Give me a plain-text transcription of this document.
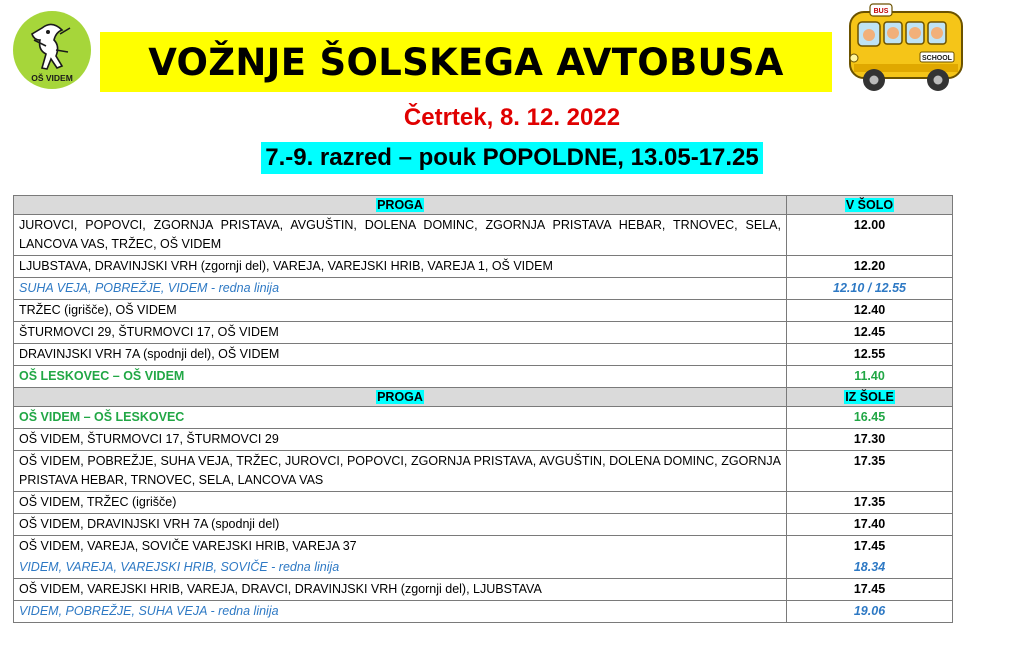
OŠ VIDEM VOŽNJE ŠOLSKEGA AVTOBUSA
BUS
SCHOOL
Četrtek, 8. 12. 2022
7.-9. razred – pouk POPOLDNE, 13.05-17.25
PROGA	V ŠOLO
JUROVCI, POPOVCI, ZGORNJA PRISTAVA, AVGUŠTIN, DOLENA DOMINC, ZGORNJA PRISTAVA HEBAR, TRNOVEC, SELA, LANCOVA VAS, TRŽEC, OŠ VIDEM	12.00
LJUBSTAVA, DRAVINJSKI VRH (zgornji del), VAREJA, VAREJSKI HRIB, VAREJA 1, OŠ VIDEM	12.20
SUHA VEJA, POBREŽJE, VIDEM - redna linija	12.10 / 12.55
TRŽEC (igrišče), OŠ VIDEM	12.40
ŠTURMOVCI 29, ŠTURMOVCI 17, OŠ VIDEM	12.45
DRAVINJSKI VRH 7A (spodnji del), OŠ VIDEM	12.55
OŠ LESKOVEC – OŠ VIDEM	11.40
PROGA	IZ ŠOLE
OŠ VIDEM – OŠ LESKOVEC	16.45
OŠ VIDEM, ŠTURMOVCI 17, ŠTURMOVCI 29	17.30
OŠ VIDEM, POBREŽJE, SUHA VEJA, TRŽEC, JUROVCI, POPOVCI, ZGORNJA PRISTAVA, AVGUŠTIN, DOLENA DOMINC, ZGORNJA PRISTAVA HEBAR, TRNOVEC, SELA, LANCOVA VAS	17.35
OŠ VIDEM, TRŽEC (igrišče)	17.35
OŠ VIDEM, DRAVINJSKI VRH 7A (spodnji del)	17.40
OŠ VIDEM, VAREJA, SOVIČE VAREJSKI HRIB, VAREJA 37	17.45
VIDEM, VAREJA, VAREJSKI HRIB, SOVIČE - redna linija	18.34
OŠ VIDEM, VAREJSKI HRIB, VAREJA, DRAVCI, DRAVINJSKI VRH (zgornji del), LJUBSTAVA	17.45
VIDEM, POBREŽJE, SUHA VEJA - redna linija	19.06
